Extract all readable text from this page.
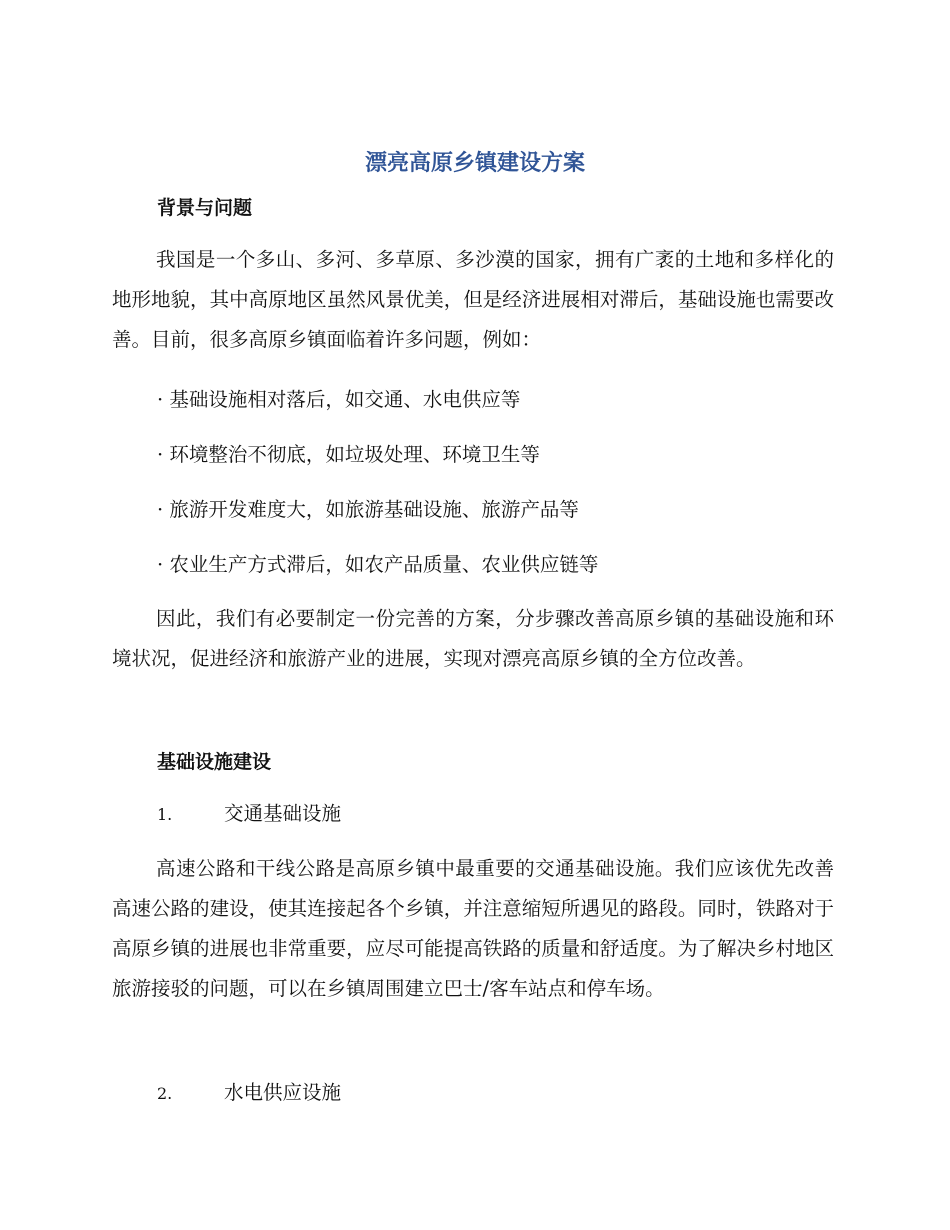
漂亮高原乡镇建设方案
背景与问题

我国是一个多山、多河、多草原、多沙漠的国家，拥有广袤的土地和多样化的地形地貌，其中高原地区虽然风景优美，但是经济进展相对滞后，基础设施也需要改善。目前，很多高原乡镇面临着许多问题，例如：

· 基础设施相对落后，如交通、水电供应等

· 环境整治不彻底，如垃圾处理、环境卫生等

· 旅游开发难度大，如旅游基础设施、旅游产品等

· 农业生产方式滞后，如农产品质量、农业供应链等

因此，我们有必要制定一份完善的方案，分步骤改善高原乡镇的基础设施和环境状况，促进经济和旅游产业的进展，实现对漂亮高原乡镇的全方位改善。

基础设施建设

1.	交通基础设施

高速公路和干线公路是高原乡镇中最重要的交通基础设施。我们应该优先改善高速公路的建设，使其连接起各个乡镇，并注意缩短所遇见的路段。同时，铁路对于高原乡镇的进展也非常重要，应尽可能提高铁路的质量和舒适度。为了解决乡村地区旅游接驳的问题，可以在乡镇周围建立巴士/客车站点和停车场。

2.	水电供应设施
